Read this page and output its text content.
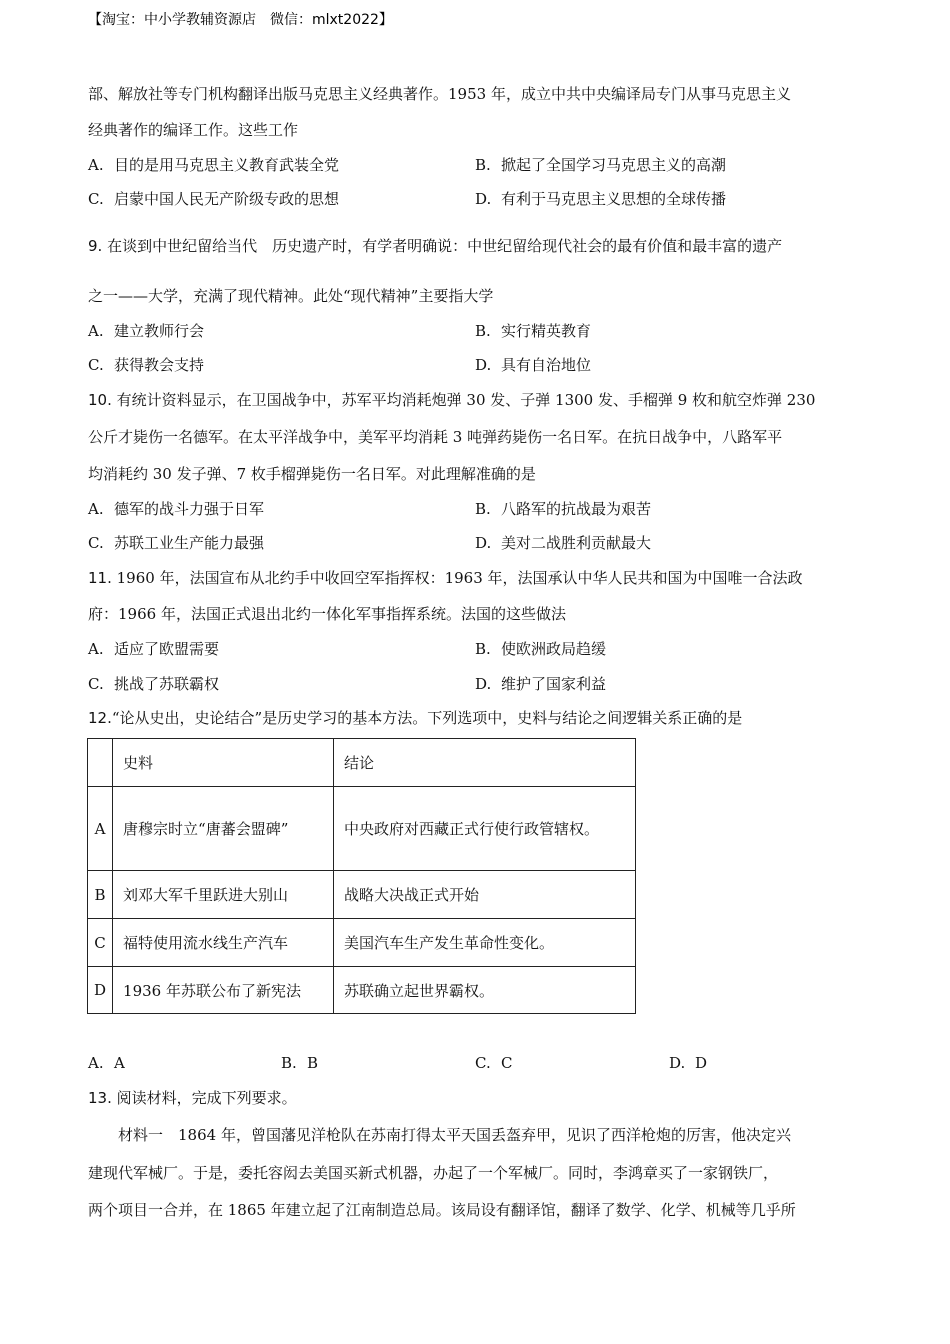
【淘宝：中小学教辅资源店　微信：mlxt2022】
部、解放社等专门机构翻译出版马克思主义经典著作。1953 年，成立中共中央编译局专门从事马克思主义
经典著作的编译工作。这些工作
A. 目的是用马克思主义教育武装全党	B. 掀起了全国学习马克思主义的高潮
C. 启蒙中国人民无产阶级专政的思想	D. 有利于马克思主义思想的全球传播
9. 在谈到中世纪留给当代　历史遗产时，有学者明确说：中世纪留给现代社会的最有价值和最丰富的遗产
之一——大学，充满了现代精神。此处“现代精神”主要指大学
A. 建立教师行会	B. 实行精英教育
C. 获得教会支持	D. 具有自治地位
10. 有统计资料显示，在卫国战争中，苏军平均消耗炮弹 30 发、子弹 1300 发、手榴弹 9 枚和航空炸弹 230
公斤才毙伤一名德军。在太平洋战争中，美军平均消耗 3 吨弹药毙伤一名日军。在抗日战争中，八路军平
均消耗约 30 发子弹、7 枚手榴弹毙伤一名日军。对此理解准确的是
A. 德军的战斗力强于日军	B. 八路军的抗战最为艰苦
C. 苏联工业生产能力最强	D. 美对二战胜利贡献最大
11. 1960 年，法国宣布从北约手中收回空军指挥权：1963 年，法国承认中华人民共和国为中国唯一合法政
府：1966 年，法国正式退出北约一体化军事指挥系统。法国的这些做法
A. 适应了欧盟需要	B. 使欧洲政局趋缓
C. 挑战了苏联霸权	D. 维护了国家利益
12.“论从史出，史论结合”是历史学习的基本方法。下列选项中，史料与结论之间逻辑关系正确的是
	史料	结论
A	唐穆宗时立“唐蕃会盟碑”	中央政府对西藏正式行使行政管辖权。
B	刘邓大军千里跃进大别山	战略大决战正式开始
C	福特使用流水线生产汽车	美国汽车生产发生革命性变化。
D	1936 年苏联公布了新宪法	苏联确立起世界霸权。
A. A	B. B	C. C	D. D
13. 阅读材料，完成下列要求。
材料一　1864 年，曾国藩见洋枪队在苏南打得太平天国丢盔弃甲，见识了西洋枪炮的厉害，他决定兴
建现代军械厂。于是，委托容闳去美国买新式机器，办起了一个军械厂。同时，李鸿章买了一家钢铁厂，
两个项目一合并，在 1865 年建立起了江南制造总局。该局设有翻译馆，翻译了数学、化学、机械等几乎所
